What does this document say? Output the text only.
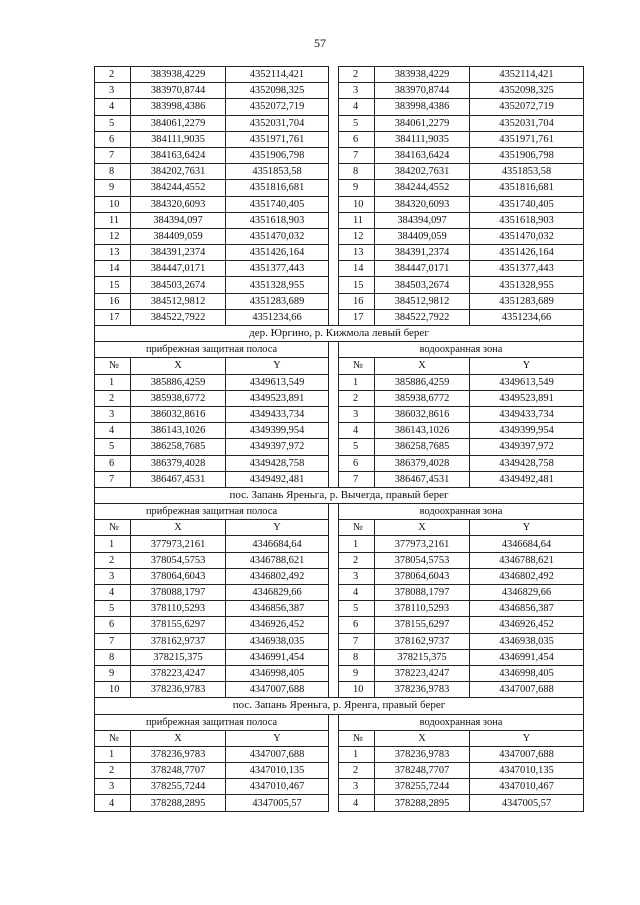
57
2	383938,4229	4352114,421		2	383938,4229	4352114,421
3	383970,8744	4352098,325		3	383970,8744	4352098,325
4	383998,4386	4352072,719		4	383998,4386	4352072,719
5	384061,2279	4352031,704		5	384061,2279	4352031,704
6	384111,9035	4351971,761		6	384111,9035	4351971,761
7	384163,6424	4351906,798		7	384163,6424	4351906,798
8	384202,7631	4351853,58		8	384202,7631	4351853,58
9	384244,4552	4351816,681		9	384244,4552	4351816,681
10	384320,6093	4351740,405		10	384320,6093	4351740,405
11	384394,097	4351618,903		11	384394,097	4351618,903
12	384409,059	4351470,032		12	384409,059	4351470,032
13	384391,2374	4351426,164		13	384391,2374	4351426,164
14	384447,0171	4351377,443		14	384447,0171	4351377,443
15	384503,2674	4351328,955		15	384503,2674	4351328,955
16	384512,9812	4351283,689		16	384512,9812	4351283,689
17	384522,7922	4351234,66		17	384522,7922	4351234,66
дер. Юргино, р. Кижмола левый берег						
прибрежная защитная полоса				водоохранная зона		
№	X	Y		№	X	Y
1	385886,4259	4349613,549		1	385886,4259	4349613,549
2	385938,6772	4349523,891		2	385938,6772	4349523,891
3	386032,8616	4349433,734		3	386032,8616	4349433,734
4	386143,1026	4349399,954		4	386143,1026	4349399,954
5	386258,7685	4349397,972		5	386258,7685	4349397,972
6	386379,4028	4349428,758		6	386379,4028	4349428,758
7	386467,4531	4349492,481		7	386467,4531	4349492,481
пос. Запань Яреньга, р. Вычегда, правый берег						
прибрежная защитная полоса				водоохранная зона		
№	X	Y		№	X	Y
1	377973,2161	4346684,64		1	377973,2161	4346684,64
2	378054,5753	4346788,621		2	378054,5753	4346788,621
3	378064,6043	4346802,492		3	378064,6043	4346802,492
4	378088,1797	4346829,66		4	378088,1797	4346829,66
5	378110,5293	4346856,387		5	378110,5293	4346856,387
6	378155,6297	4346926,452		6	378155,6297	4346926,452
7	378162,9737	4346938,035		7	378162,9737	4346938,035
8	378215,375	4346991,454		8	378215,375	4346991,454
9	378223,4247	4346998,405		9	378223,4247	4346998,405
10	378236,9783	4347007,688		10	378236,9783	4347007,688
пос. Запань Яреньга, р. Яренга, правый берег						
прибрежная защитная полоса				водоохранная зона		
№	X	Y		№	X	Y
1	378236,9783	4347007,688		1	378236,9783	4347007,688
2	378248,7707	4347010,135		2	378248,7707	4347010,135
3	378255,7244	4347010,467		3	378255,7244	4347010,467
4	378288,2895	4347005,57		4	378288,2895	4347005,57
